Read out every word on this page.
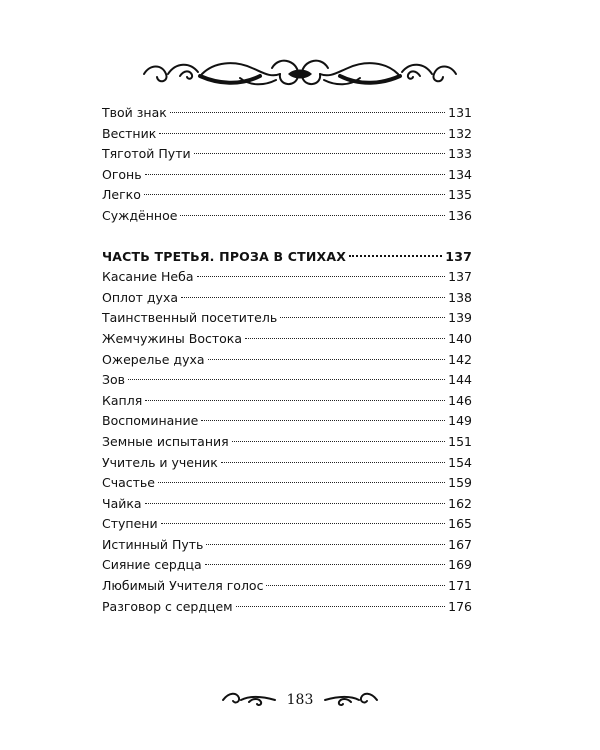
Твой знак	131
Вестник	132
Тяготой Пути	133
Огонь	134
Легко	135
Суждённое	136
ЧАСТЬ ТРЕТЬЯ. ПРОЗА В СТИХАХ	137
Касание Неба	137
Оплот духа	138
Таинственный посетитель	139
Жемчужины Востока	140
Ожерелье духа	142
Зов	144
Капля	146
Воспоминание	149
Земные испытания	151
Учитель и ученик	154
Счастье	159
Чайка	162
Ступени	165
Истинный Путь	167
Сияние сердца	169
Любимый Учителя голос	171
Разговор с сердцем	176
183
